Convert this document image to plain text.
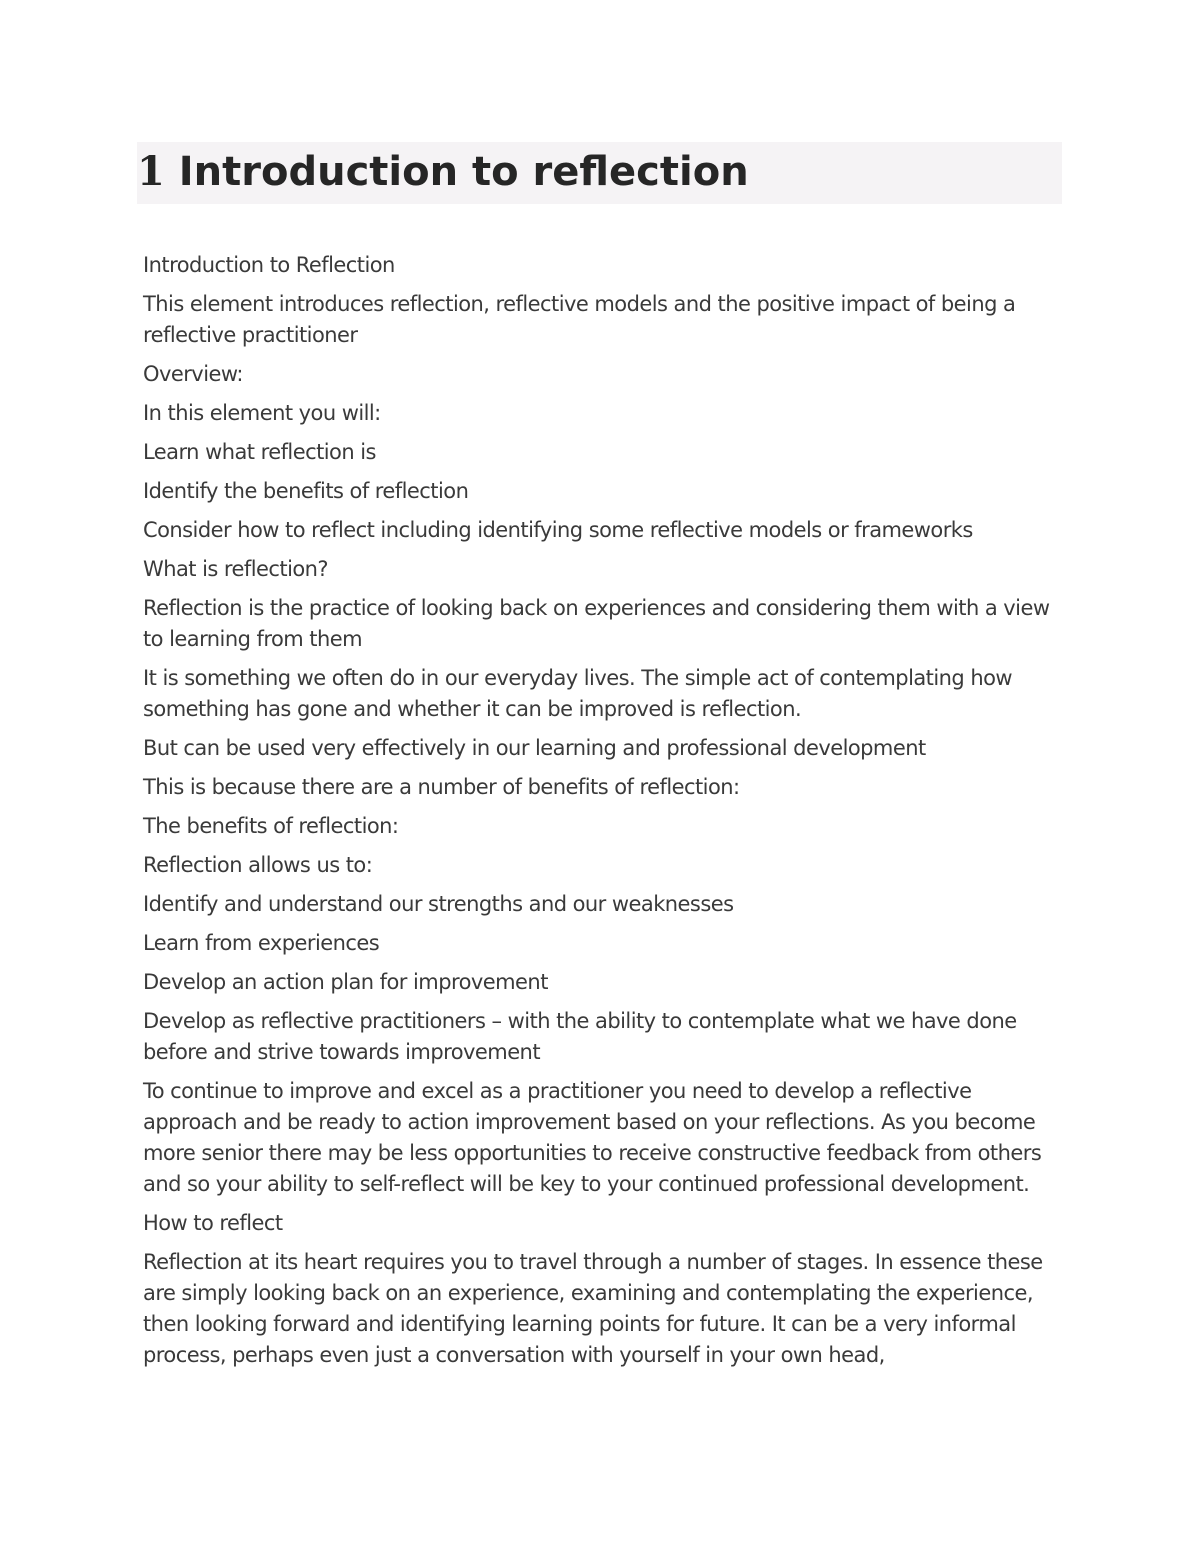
1 Introduction to reflection

Introduction to Reflection

This element introduces reflection, reflective models and the positive impact of being a reflective practitioner

Overview:

In this element you will:

Learn what reflection is

Identify the benefits of reflection

Consider how to reflect including identifying some reflective models or frameworks

What is reflection?

Reflection is the practice of looking back on experiences and considering them with a view to learning from them

It is something we often do in our everyday lives. The simple act of contemplating how something has gone and whether it can be improved is reflection.

But can be used very effectively in our learning and professional development

This is because there are a number of benefits of reflection:

The benefits of reflection:

Reflection allows us to:

Identify and understand our strengths and our weaknesses

Learn from experiences

Develop an action plan for improvement

Develop as reflective practitioners – with the ability to contemplate what we have done before and strive towards improvement

To continue to improve and excel as a practitioner you need to develop a reflective approach and be ready to action improvement based on your reflections. As you become more senior there may be less opportunities to receive constructive feedback from others and so your ability to self-reflect will be key to your continued professional development.

How to reflect

Reflection at its heart requires you to travel through a number of stages. In essence these are simply looking back on an experience, examining and contemplating the experience, then looking forward and identifying learning points for future. It can be a very informal process, perhaps even just a conversation with yourself in your own head,
